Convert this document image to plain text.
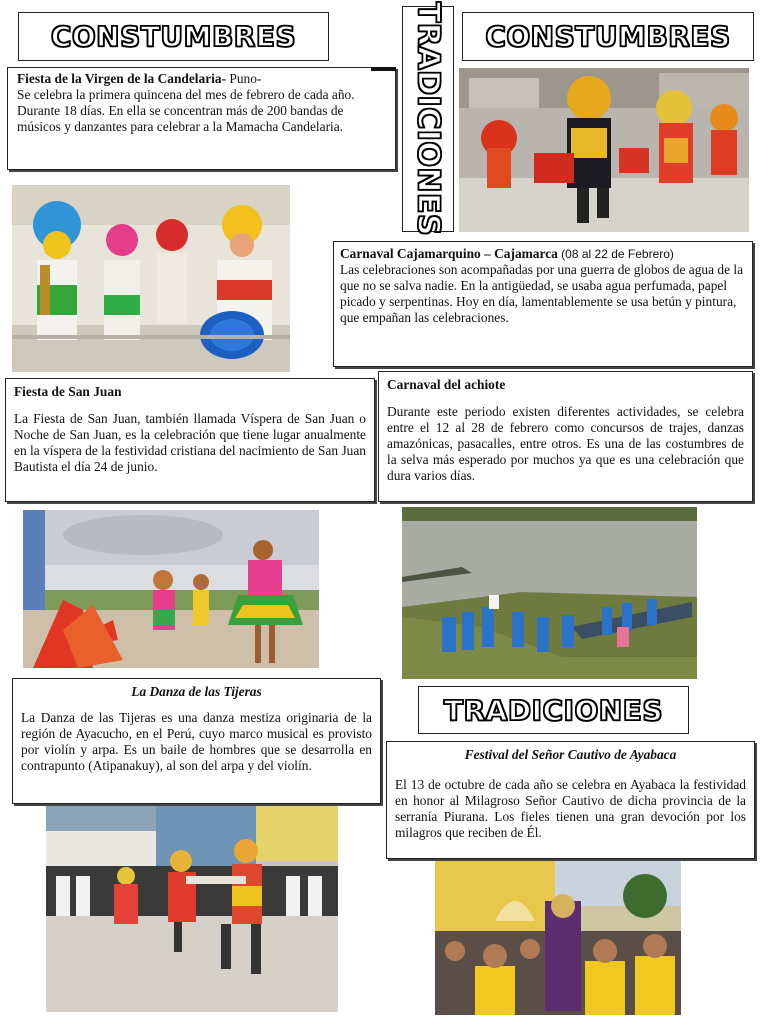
CONSTUMBRES	CONSTUMBRES
TRADICIONES
Fiesta de la Virgen de la Candelaria- Puno-
Se celebra la primera quincena del mes de febrero de cada año. Durante 18 días. En ella se concentran más de 200 bandas de músicos y danzantes para celebrar a la Mamacha Candelaria.
Carnaval Cajamarquino – Cajamarca (08 al 22 de Febrero)
Las celebraciones son acompañadas por una guerra de globos de agua de la que no se salva nadie. En la antigüedad, se usaba agua perfumada, papel picado y serpentinas. Hoy en día, lamentablemente se usa betún y pintura, que empañan las celebraciones.
Fiesta de San Juan
La Fiesta de San Juan, también llamada Víspera de San Juan o Noche de San Juan, es la celebración que tiene lugar anualmente en la víspera de la festividad cristiana del nacimiento de San Juan Bautista el día 24 de junio.
Carnaval del achiote
Durante este periodo existen diferentes actividades, se celebra entre el 12 al 28 de febrero como concursos de trajes, danzas amazónicas, pasacalles, entre otros. Es una de las costumbres de la selva más esperado por muchos ya que es una celebración que dura varios días.
La Danza de las Tijeras
La Danza de las Tijeras es una danza mestiza originaria de la región de Ayacucho, en el Perú, cuyo marco musical es provisto por violín y arpa. Es un baile de hombres que se desarrolla en contrapunto (Atipanakuy), al son del arpa y del violín.
TRADICIONES
Festival del Señor Cautivo de Ayabaca
El 13 de octubre de cada año se celebra en Ayabaca la festividad en honor al Milagroso Señor Cautivo de dicha provincia de la serranía Piurana. Los fieles tienen una gran devoción por los milagros que reciben de Él.
